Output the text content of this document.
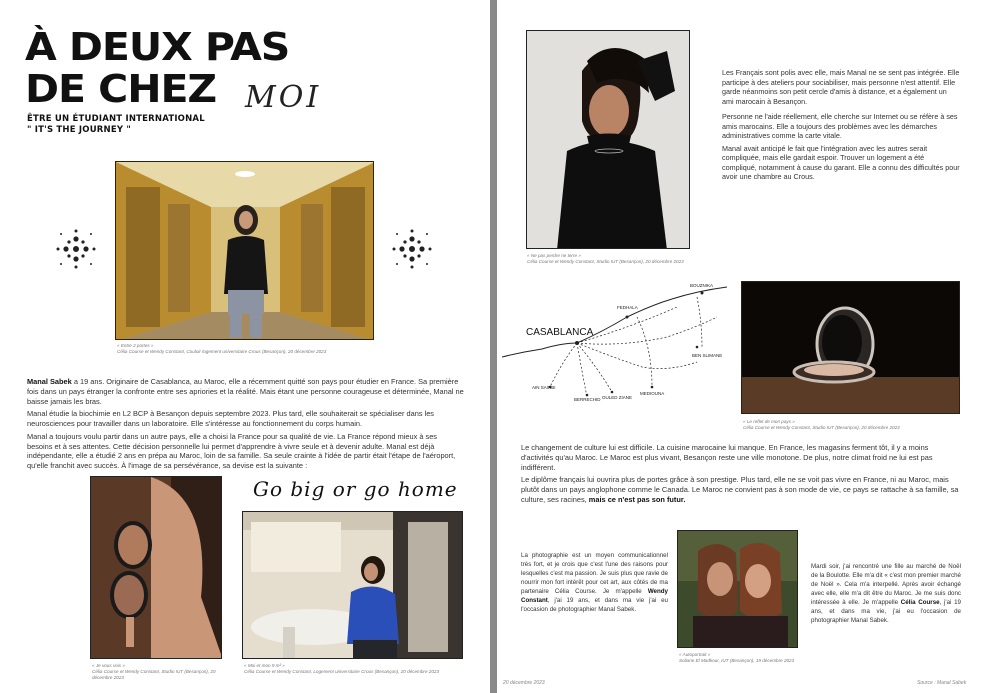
À DEUX PAS
DE CHEZ MOI
ÊTRE UN ÉTUDIANT INTERNATIONAL
" IT'S THE JOURNEY "
« Entre 2 portes »
Célia Course et Wendy Constant, Couloir logement universitaire Crous (Besançon), 20 décembre 2023

Manal Sabek a 19 ans. Originaire de Casablanca, au Maroc, elle a récemment quitté son pays pour étudier en France. Sa première fois dans un pays étranger la confronte entre ses apriories et la réalité. Mais étant une personne courageuse et déterminée, Manal ne baisse jamais les bras.

Manal étudie la biochimie en L2 BCP à Besançon depuis septembre 2023. Plus tard, elle souhaiterait se spécialiser dans les neurosciences pour travailler dans un laboratoire. Elle s'intéresse au fonctionnement du corps humain.

Manal a toujours voulu partir dans un autre pays, elle a choisi la France pour sa qualité de vie. La France répond mieux à ses besoins et à ses attentes. Cette décision personnelle lui permet d'apprendre à vivre seule et à devenir adulte. Manal est déjà indépendante, elle a étudié 2 ans en prépa au Maroc, loin de sa famille. Sa seule crainte à l'idée de partir était l'étape de l'aéroport, qu'elle franchit avec succès. À l'image de sa persévérance, sa devise est la suivante :

Go big or go home
« Je vous vois »
Célia Course et Wendy Constant, Studio IUT (Besançon), 20 décembre 2023
« Moi et mon 9 m² »
Célia Course et Wendy Constant, Logement universitaire Crous (Besançon), 20 décembre 2023
« Ne pas perdre ne terre »
Célia Course et Wendy Constant, Studio IUT (Besançon), 20 décembre 2023

Les Français sont polis avec elle, mais Manal ne se sent pas intégrée. Elle participe à des ateliers pour sociabiliser, mais personne n'est attentif. Elle garde néanmoins son petit cercle d'amis à distance, et a également un ami marocain à Besançon.

Personne ne l'aide réellement, elle cherche sur Internet ou se réfère à ses amis marocains. Elle a toujours des problèmes avec les démarches administratives comme la carte vitale.

Manal avait anticipé le fait que l'intégration avec les autres serait compliquée, mais elle gardait espoir. Trouver un logement a été compliqué, notamment à cause du garant. Elle a connu des difficultés pour avoir une chambre au Crous.

CASABLANCA
FEDHALA
BOUZNIKA
BEN SLIMANE
AIN SAIRBI
BERRECHID OULED ZIANE
MEDIOUNA
« Le reflet de mon pays »
Célia Course et Wendy Constant, Studio IUT (Besançon), 20 décembre 2023

Le changement de culture lui est difficile. La cuisine marocaine lui manque. En France, les magasins ferment tôt, il y a moins d'activités qu'au Maroc. Le Maroc est plus vivant, Besançon reste une ville monotone. De plus, notre climat froid ne lui est pas indifférent.

Le diplôme français lui ouvrira plus de portes grâce à son prestige. Plus tard, elle ne se voit pas vivre en France, ni au Maroc, mais plutôt dans un pays anglophone comme le Canada. Le Maroc ne convient pas à son mode de vie, ce pays se rattache à sa famille, sa culture, ses racines, mais ce n'est pas son futur.

La photographie est un moyen communicationnel très fort, et je crois que c'est l'une des raisons pour lesquelles c'est ma passion. Je suis plus que ravie de nourrir mon fort intérêt pour cet art, aux côtés de ma partenaire Célia Course. Je m'appelle Wendy Constant, j'ai 19 ans, et dans ma vie j'ai eu l'occasion de photographier Manal Sabek.
« Autoportrait »
Soliane El Madkour, IUT (Besançon), 19 décembre 2023
Mardi soir, j'ai rencontré une fille au marché de Noël de la Boulotte. Elle m'a dit « c'est mon premier marché de Noël ». Cela m'a interpellé. Après avoir échangé avec elle, elle m'a dit être du Maroc. Je me suis donc intéressée à elle. Je m'appelle Célia Course, j'ai 19 ans, et dans ma vie, j'ai eu l'occasion de photographier Manal Sabek.
20 décembre 2023	Source : Manal Sabek
